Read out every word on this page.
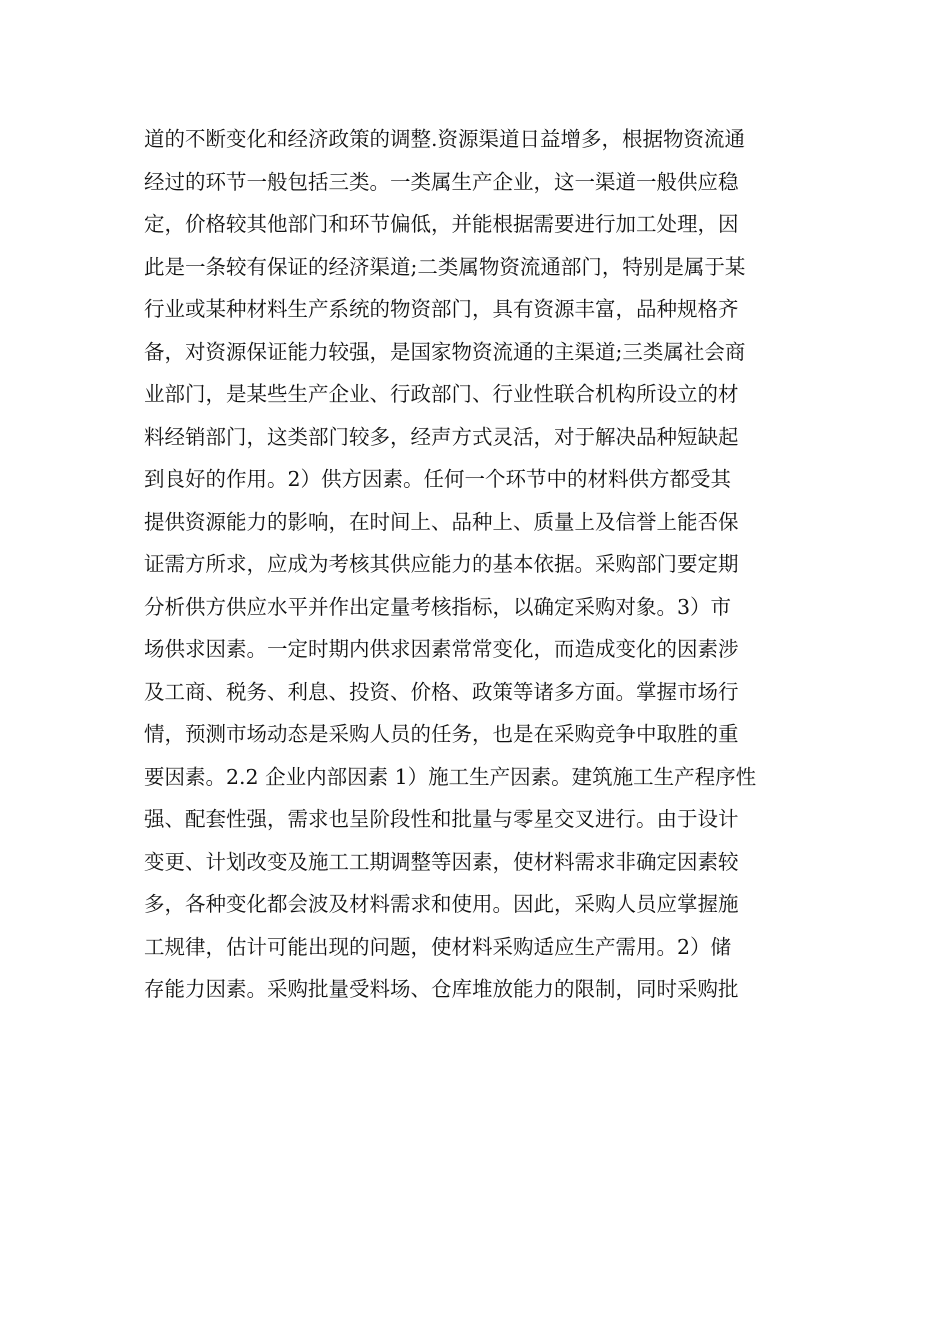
道的不断变化和经济政策的调整.资源渠道日益增多，根据物资流通
经过的环节一般包括三类。一类属生产企业，这一渠道一般供应稳
定，价格较其他部门和环节偏低，并能根据需要进行加工处理，因
此是一条较有保证的经济渠道;二类属物资流通部门，特别是属于某
行业或某种材料生产系统的物资部门，具有资源丰富，品种规格齐
备，对资源保证能力较强，是国家物资流通的主渠道;三类属社会商
业部门，是某些生产企业、行政部门、行业性联合机构所设立的材
料经销部门，这类部门较多，经声方式灵活，对于解决品种短缺起
到良好的作用。2）供方因素。任何一个环节中的材料供方都受其
提供资源能力的影响，在时间上、品种上、质量上及信誉上能否保
证需方所求，应成为考核其供应能力的基本依据。采购部门要定期
分析供方供应水平并作出定量考核指标，以确定采购对象。3）市
场供求因素。一定时期内供求因素常常变化，而造成变化的因素涉
及工商、税务、利息、投资、价格、政策等诸多方面。掌握市场行
情，预测市场动态是采购人员的任务，也是在采购竞争中取胜的重
要因素。2.2 企业内部因素 1）施工生产因素。建筑施工生产程序性
强、配套性强，需求也呈阶段性和批量与零星交叉进行。由于设计
变更、计划改变及施工工期调整等因素，使材料需求非确定因素较
多，各种变化都会波及材料需求和使用。因此，采购人员应掌握施
工规律，估计可能出现的问题，使材料采购适应生产需用。2）储
存能力因素。采购批量受料场、仓库堆放能力的限制，同时采购批
